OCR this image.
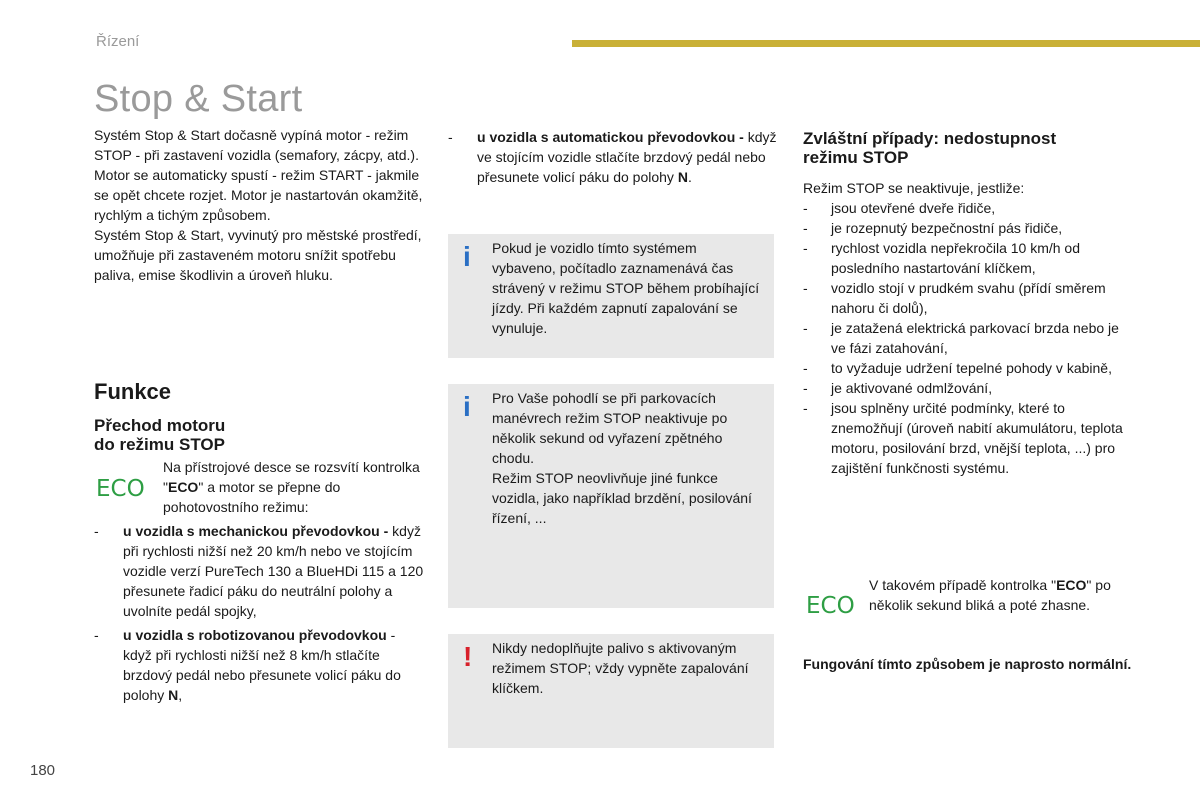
Řízení
Stop & Start

Systém Stop & Start dočasně vypíná motor - režim STOP - při zastavení vozidla (semafory, zácpy, atd.). Motor se automaticky spustí - režim START - jakmile se opět chcete rozjet. Motor je nastartován okamžitě, rychlým a tichým způsobem.

Systém Stop & Start, vyvinutý pro městské prostředí, umožňuje při zastaveném motoru snížit spotřebu paliva, emise škodlivin a úroveň hluku.

Funkce
Přechod motoru
do režimu STOP
ECO
Na přístrojové desce se rozsvítí kontrolka "ECO" a motor se přepne do pohotovostního režimu:
- u vozidla s mechanickou převodovkou - když při rychlosti nižší než 20 km/h nebo ve stojícím vozidle verzí PureTech 130 a BlueHDi 115 a 120 přesunete řadicí páku do neutrální polohy a uvolníte pedál spojky,
- u vozidla s robotizovanou převodovkou - když při rychlosti nižší než 8 km/h stlačíte brzdový pedál nebo přesunete volicí páku do polohy N,
- u vozidla s automatickou převodovkou - když ve stojícím vozidle stlačíte brzdový pedál nebo přesunete volicí páku do polohy N.
i Pokud je vozidlo tímto systémem vybaveno, počítadlo zaznamenává čas strávený v režimu STOP během probíhající jízdy. Při každém zapnutí zapalování se vynuluje.

i Pro Vaše pohodlí se při parkovacích manévrech režim STOP neaktivuje po několik sekund od vyřazení zpětného chodu.

Režim STOP neovlivňuje jiné funkce vozidla, jako například brzdění, posilování řízení, ...

! Nikdy nedoplňujte palivo s aktivovaným režimem STOP; vždy vypněte zapalování klíčkem.

Zvláštní případy: nedostupnost
režimu STOP

Režim STOP se neaktivuje, jestliže:

- jsou otevřené dveře řidiče,
- je rozepnutý bezpečnostní pás řidiče,
- rychlost vozidla nepřekročila 10 km/h od posledního nastartování klíčkem,
- vozidlo stojí v prudkém svahu (přídí směrem nahoru či dolů),
- je zatažená elektrická parkovací brzda nebo je ve fázi zatahování,
- to vyžaduje udržení tepelné pohody v kabině,
- je aktivované odmlžování,
- jsou splněny určité podmínky, které to znemožňují (úroveň nabití akumulátoru, teplota motoru, posilování brzd, vnější teplota, ...) pro zajištění funkčnosti systému.
ECO
V takovém případě kontrolka "ECO" po několik sekund bliká a poté zhasne.
Fungování tímto způsobem je naprosto normální.
180
